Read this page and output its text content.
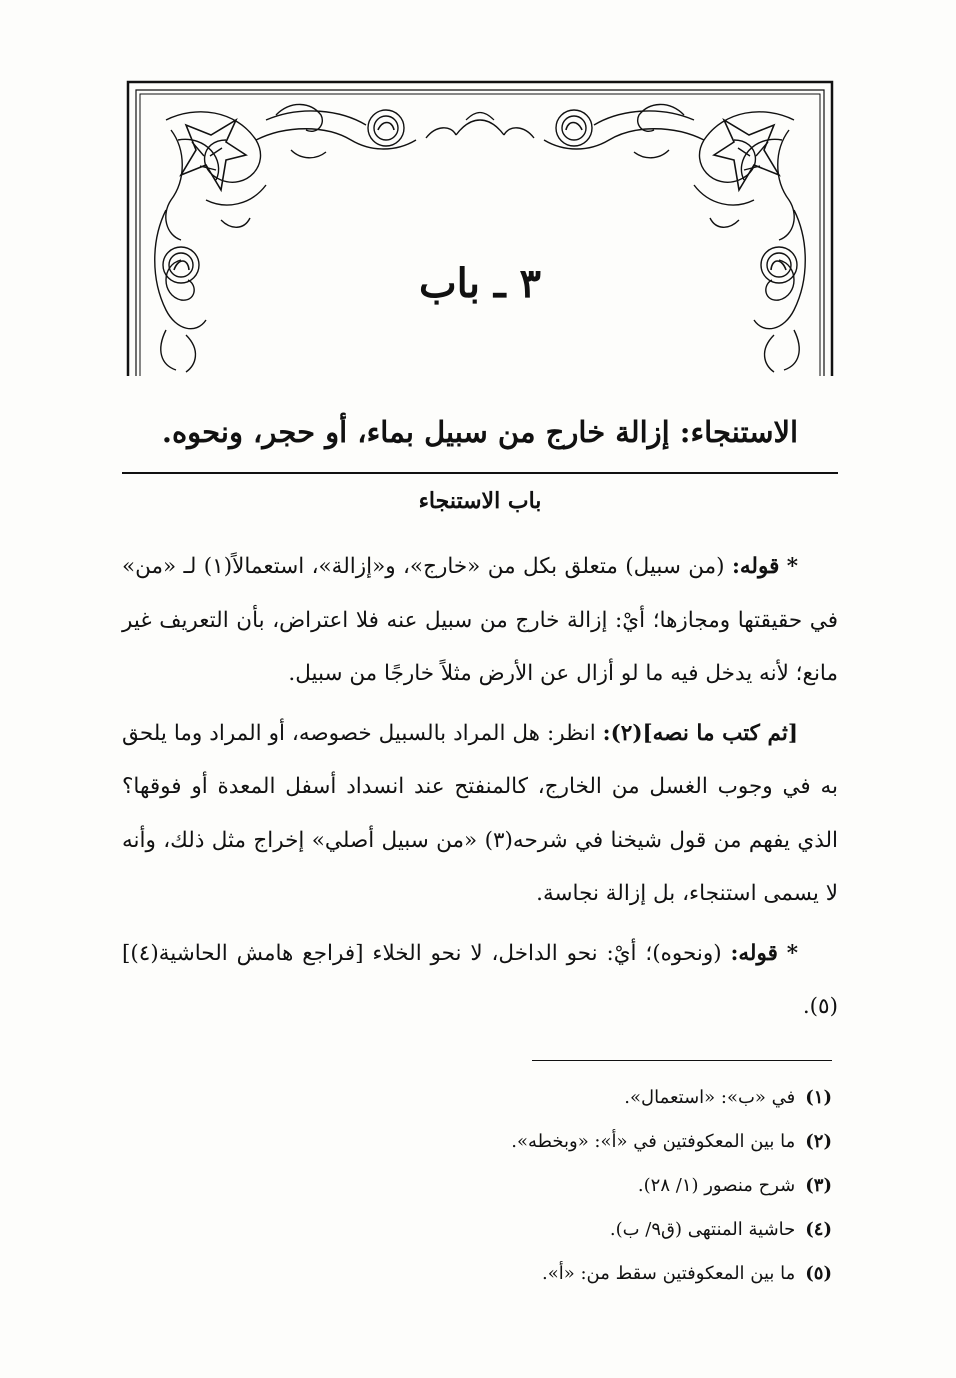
٣ ـ باب
الاستنجاء: إزالة خارج من سبيل بماء، أو حجر، ونحوه.
باب الاستنجاء

* قوله: (من سبيل) متعلق بكل من «خارج»، و«إزالة»، استعمالاً(١) لـ «من» في حقيقتها ومجازها؛ أيْ: إزالة خارج من سبيل عنه فلا اعتراض، بأن التعريف غير مانع؛ لأنه يدخل فيه ما لو أزال عن الأرض مثلاً خارجًا من سبيل.

[ثم كتب ما نصه](٢): انظر: هل المراد بالسبيل خصوصه، أو المراد وما يلحق به في وجوب الغسل من الخارج، كالمنفتح عند انسداد أسفل المعدة أو فوقها؟ الذي يفهم من قول شيخنا في شرحه(٣) «من سبيل أصلي» إخراج مثل ذلك، وأنه لا يسمى استنجاء، بل إزالة نجاسة.

* قوله: (ونحوه)؛ أيْ: نحو الداخل، لا نحو الخلاء [فراجع هامش الحاشية(٤)](٥).

(١)في «ب»: «استعمال».
(٢)ما بين المعكوفتين في «أ»: «وبخطه».
(٣)شرح منصور (١/ ٢٨).
(٤)حاشية المنتهى (ق٩/ ب).
(٥)ما بين المعكوفتين سقط من: «أ».
